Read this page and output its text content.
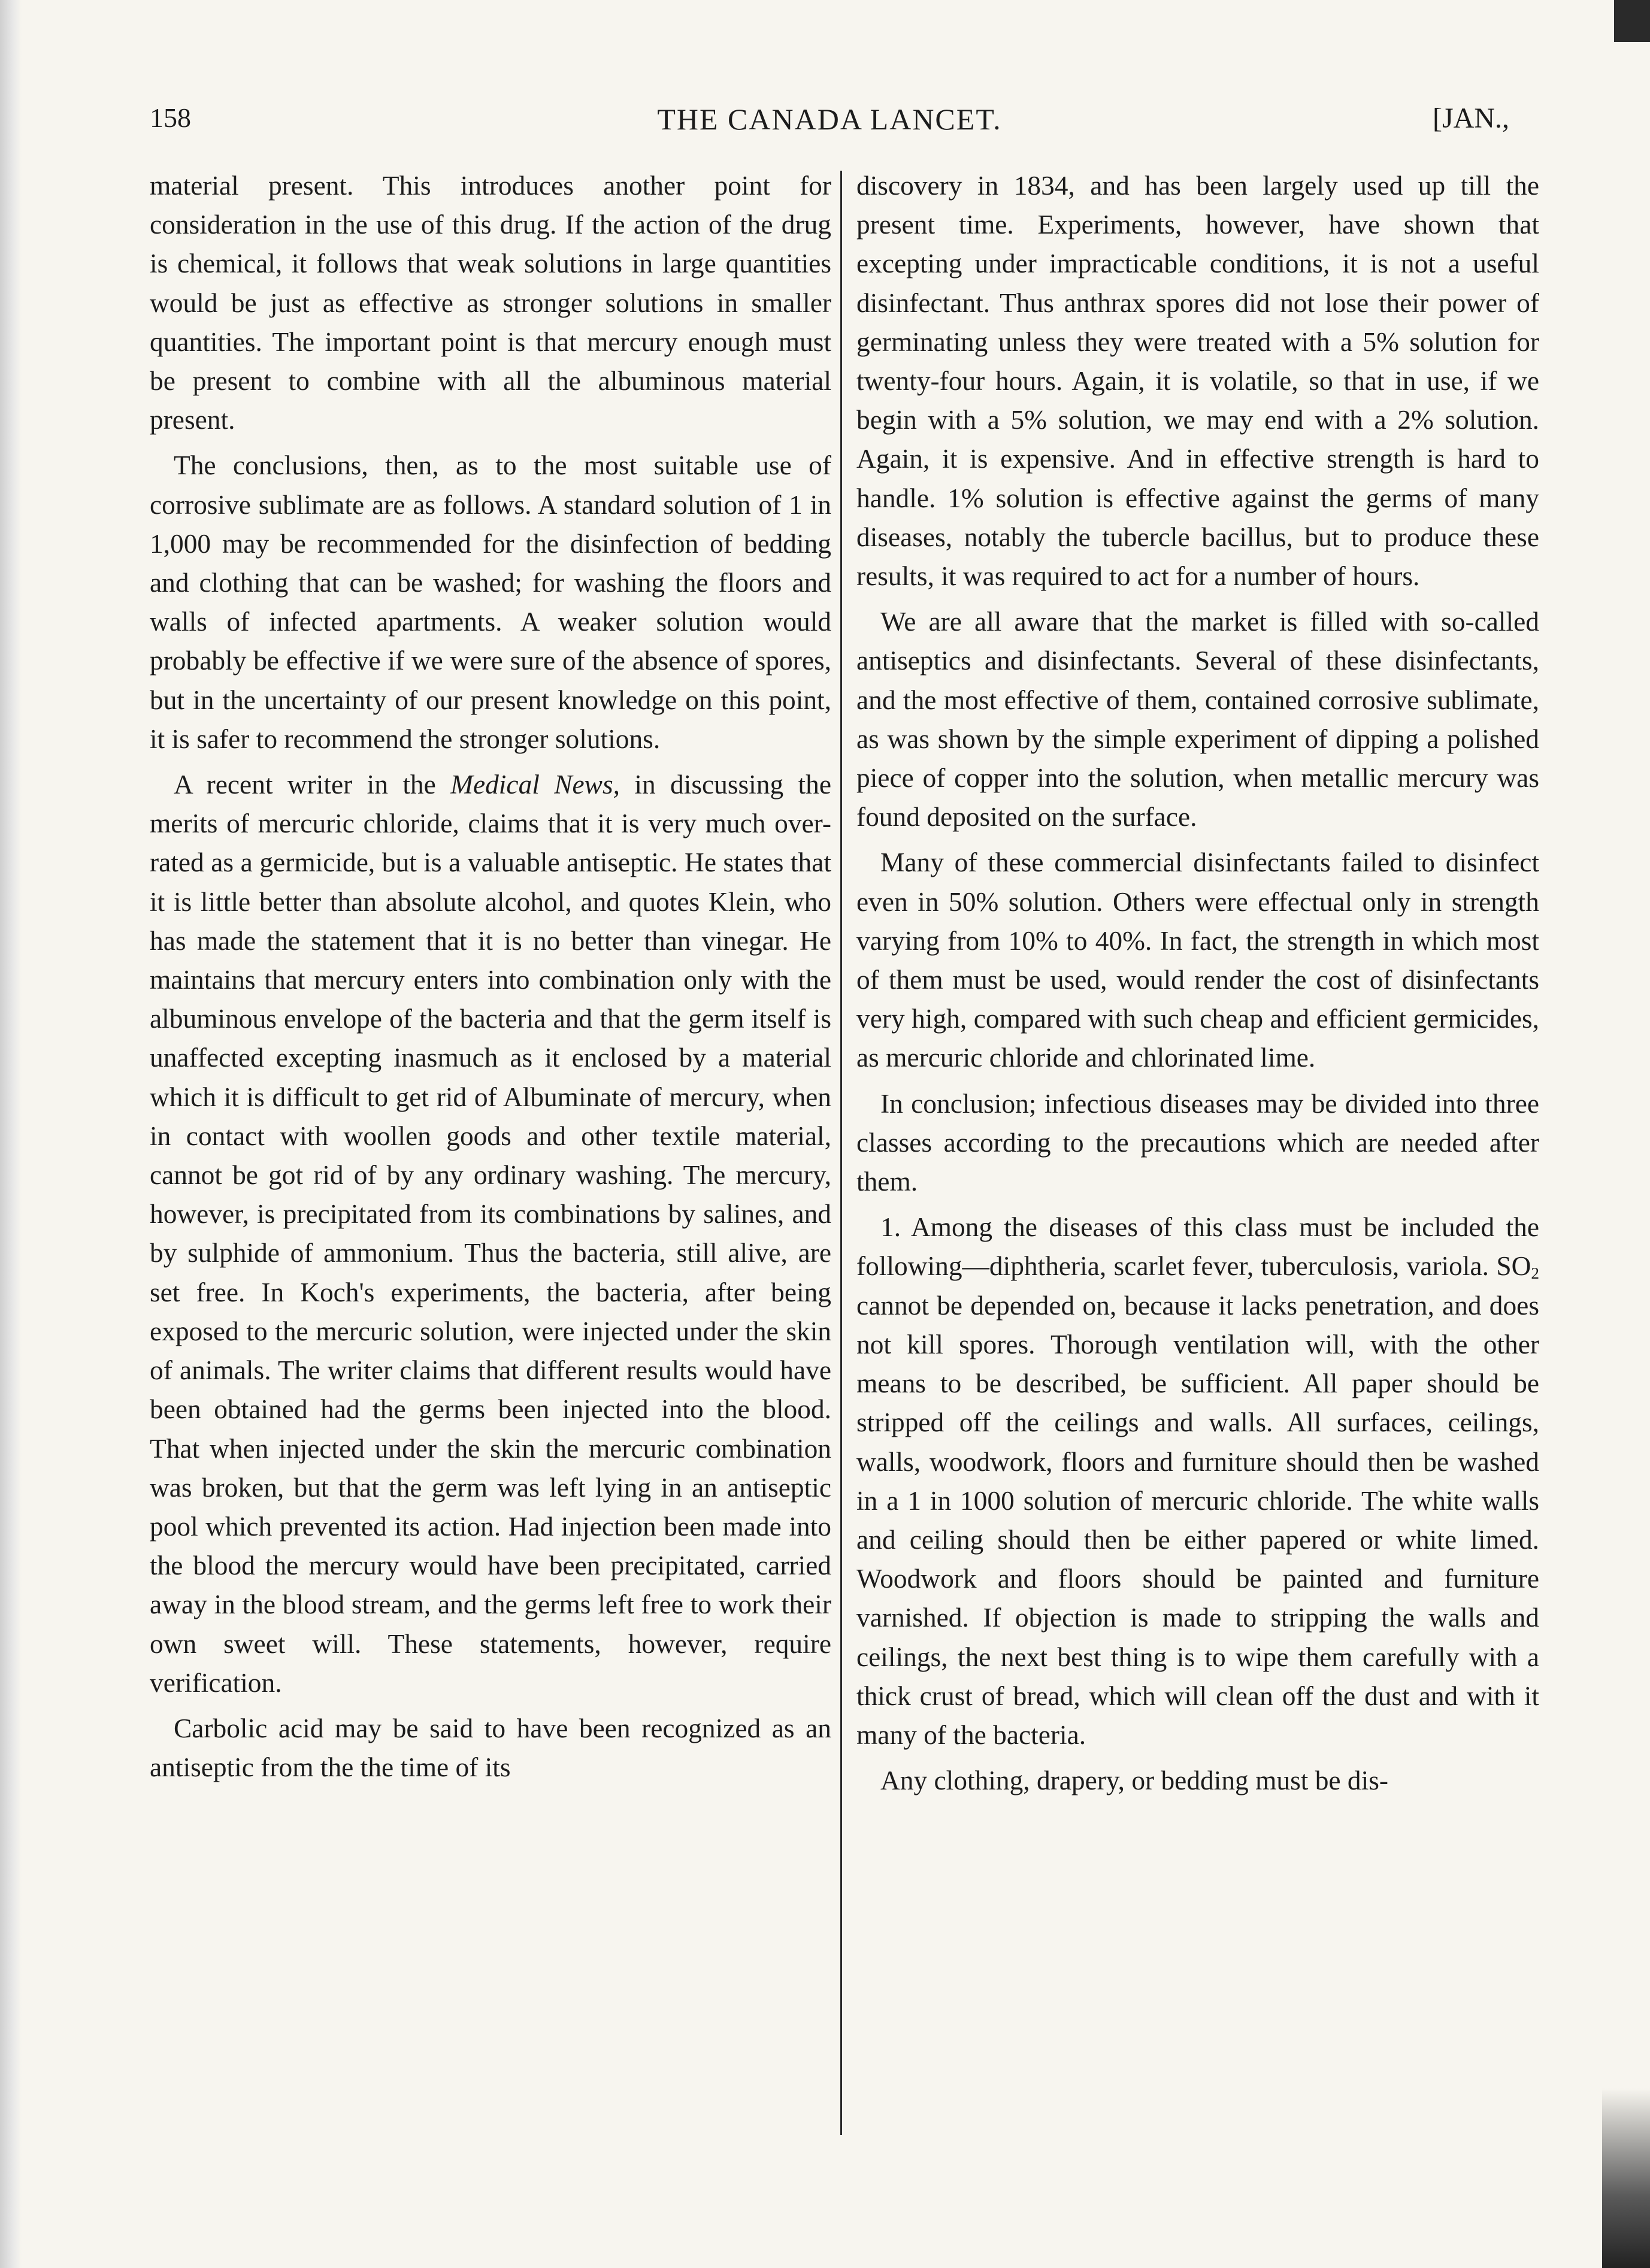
158	THE CANADA LANCET.	[JAN.,

material present. This introduces another point for consideration in the use of this drug. If the action of the drug is chemical, it follows that weak solutions in large quantities would be just as effective as stronger solutions in smaller quantities. The important point is that mercury enough must be present to combine with all the albuminous material present.

The conclusions, then, as to the most suitable use of corrosive sublimate are as follows. A standard solution of 1 in 1,000 may be recommended for the disinfection of bedding and clothing that can be washed; for washing the floors and walls of infected apartments. A weaker solution would probably be effective if we were sure of the absence of spores, but in the uncertainty of our present knowledge on this point, it is safer to recommend the stronger solutions.

A recent writer in the Medical News, in discussing the merits of mercuric chloride, claims that it is very much over-rated as a germicide, but is a valuable antiseptic. He states that it is little better than absolute alcohol, and quotes Klein, who has made the statement that it is no better than vinegar. He maintains that mercury enters into combination only with the albuminous envelope of the bacteria and that the germ itself is unaffected excepting inasmuch as it enclosed by a material which it is difficult to get rid of Albuminate of mercury, when in contact with woollen goods and other textile material, cannot be got rid of by any ordinary washing. The mercury, however, is precipitated from its combinations by salines, and by sulphide of ammonium. Thus the bacteria, still alive, are set free. In Koch's experiments, the bacteria, after being exposed to the mercuric solution, were injected under the skin of animals. The writer claims that different results would have been obtained had the germs been injected into the blood. That when injected under the skin the mercuric combination was broken, but that the germ was left lying in an antiseptic pool which prevented its action. Had injection been made into the blood the mercury would have been precipitated, carried away in the blood stream, and the germs left free to work their own sweet will. These statements, however, require verification.

Carbolic acid may be said to have been recognized as an antiseptic from the the time of its

discovery in 1834, and has been largely used up till the present time. Experiments, however, have shown that excepting under impracticable conditions, it is not a useful disinfectant. Thus anthrax spores did not lose their power of germinating unless they were treated with a 5% solution for twenty-four hours. Again, it is volatile, so that in use, if we begin with a 5% solution, we may end with a 2% solution. Again, it is expensive. And in effective strength is hard to handle. 1% solution is effective against the germs of many diseases, notably the tubercle bacillus, but to produce these results, it was required to act for a number of hours.

We are all aware that the market is filled with so-called antiseptics and disinfectants. Several of these disinfectants, and the most effective of them, contained corrosive sublimate, as was shown by the simple experiment of dipping a polished piece of copper into the solution, when metallic mercury was found deposited on the surface.

Many of these commercial disinfectants failed to disinfect even in 50% solution. Others were effectual only in strength varying from 10% to 40%. In fact, the strength in which most of them must be used, would render the cost of disinfectants very high, compared with such cheap and efficient germicides, as mercuric chloride and chlorinated lime.

In conclusion; infectious diseases may be divided into three classes according to the precautions which are needed after them.

1. Among the diseases of this class must be included the following—diphtheria, scarlet fever, tuberculosis, variola. $SO_2$ cannot be depended on, because it lacks penetration, and does not kill spores. Thorough ventilation will, with the other means to be described, be sufficient. All paper should be stripped off the ceilings and walls. All surfaces, ceilings, walls, woodwork, floors and furniture should then be washed in a 1 in 1000 solution of mercuric chloride. The white walls and ceiling should then be either papered or white limed. Woodwork and floors should be painted and furniture varnished. If objection is made to stripping the walls and ceilings, the next best thing is to wipe them carefully with a thick crust of bread, which will clean off the dust and with it many of the bacteria.

Any clothing, drapery, or bedding must be dis-
